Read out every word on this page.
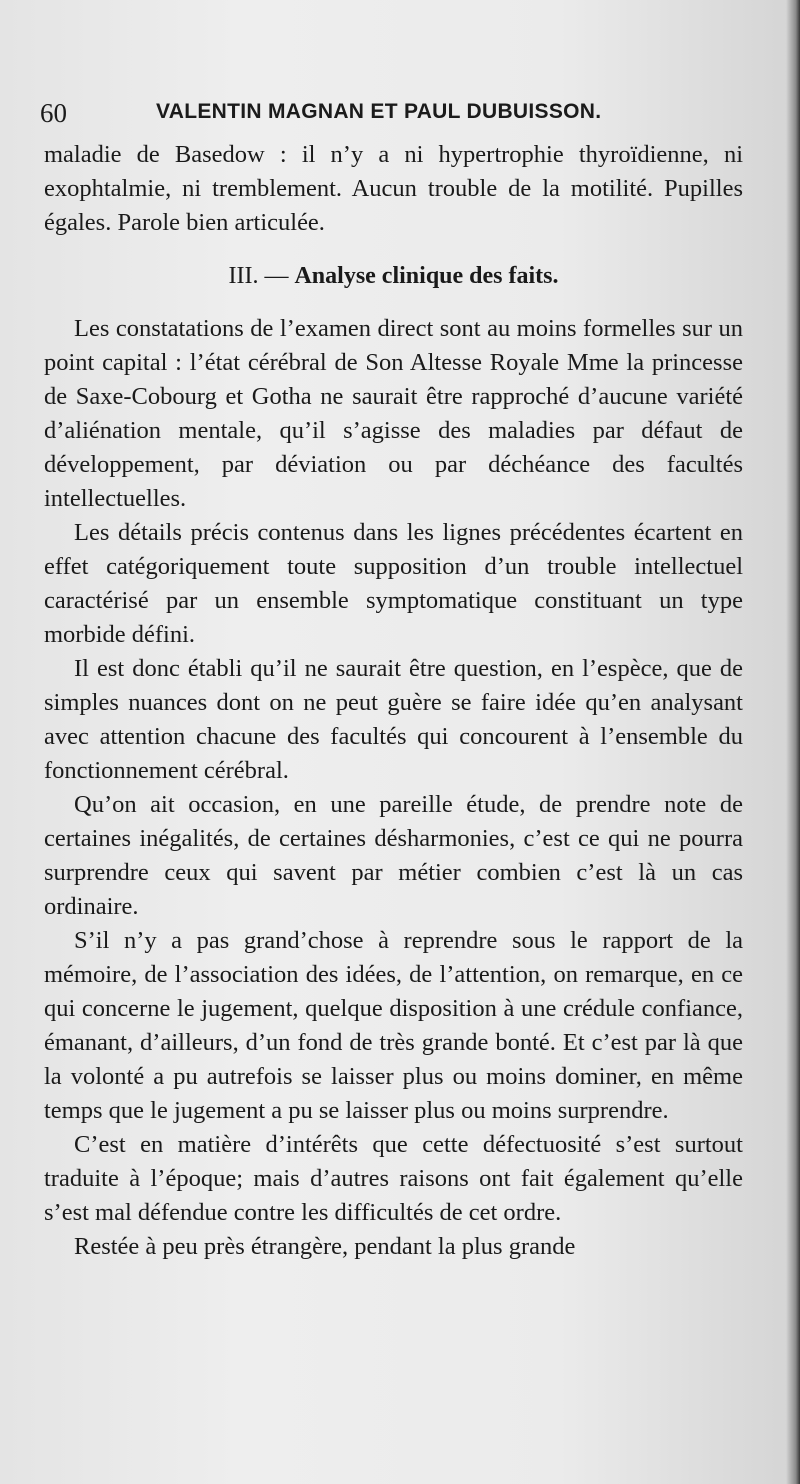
60	VALENTIN MAGNAN ET PAUL DUBUISSON.

maladie de Basedow : il n’y a ni hypertrophie thyroïdienne, ni exophtalmie, ni tremblement. Aucun trouble de la motilité. Pupilles égales. Parole bien articulée.

III. — Analyse clinique des faits.

Les constatations de l’examen direct sont au moins formelles sur un point capital : l’état cérébral de Son Altesse Royale Mme la princesse de Saxe-Cobourg et Gotha ne saurait être rapproché d’aucune variété d’aliénation mentale, qu’il s’agisse des maladies par défaut de développement, par déviation ou par déchéance des facultés intellectuelles.

Les détails précis contenus dans les lignes précédentes écartent en effet catégoriquement toute supposition d’un trouble intellectuel caractérisé par un ensemble symptomatique constituant un type morbide défini.

Il est donc établi qu’il ne saurait être question, en l’espèce, que de simples nuances dont on ne peut guère se faire idée qu’en analysant avec attention chacune des facultés qui concourent à l’ensemble du fonctionnement cérébral.

Qu’on ait occasion, en une pareille étude, de prendre note de certaines inégalités, de certaines désharmonies, c’est ce qui ne pourra surprendre ceux qui savent par métier combien c’est là un cas ordinaire.

S’il n’y a pas grand’chose à reprendre sous le rapport de la mémoire, de l’association des idées, de l’attention, on remarque, en ce qui concerne le jugement, quelque disposition à une crédule confiance, émanant, d’ailleurs, d’un fond de très grande bonté. Et c’est par là que la volonté a pu autrefois se laisser plus ou moins dominer, en même temps que le jugement a pu se laisser plus ou moins surprendre.

C’est en matière d’intérêts que cette défectuosité s’est surtout traduite à l’époque; mais d’autres raisons ont fait également qu’elle s’est mal défendue contre les difficultés de cet ordre.

Restée à peu près étrangère, pendant la plus grande
